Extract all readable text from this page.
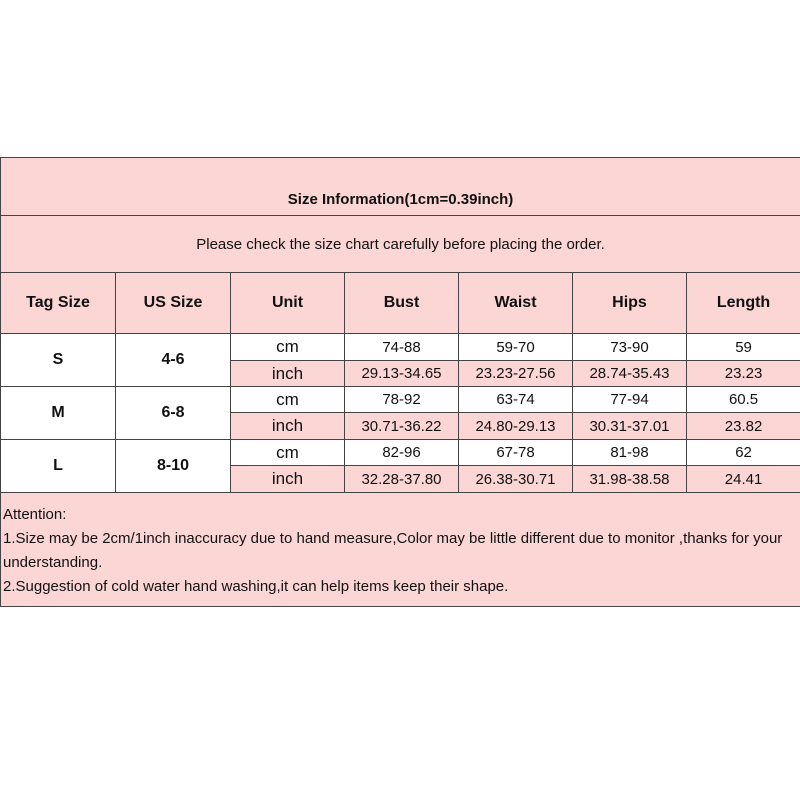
Size Information(1cm=0.39inch)						
Please check the size chart carefully before placing the order.						
Tag Size	US Size	Unit	Bust	Waist	Hips	Length
S	4-6	cm	74-88	59-70	73-90	59
		inch	29.13-34.65	23.23-27.56	28.74-35.43	23.23
M	6-8	cm	78-92	63-74	77-94	60.5
		inch	30.71-36.22	24.80-29.13	30.31-37.01	23.82
L	8-10	cm	82-96	67-78	81-98	62
		inch	32.28-37.80	26.38-30.71	31.98-38.58	24.41

Attention:
1.Size may be 2cm/1inch inaccuracy due to hand measure,Color may be little different due to monitor ,thanks for your understanding.
2.Suggestion of cold water hand washing,it can help items keep their shape.						
